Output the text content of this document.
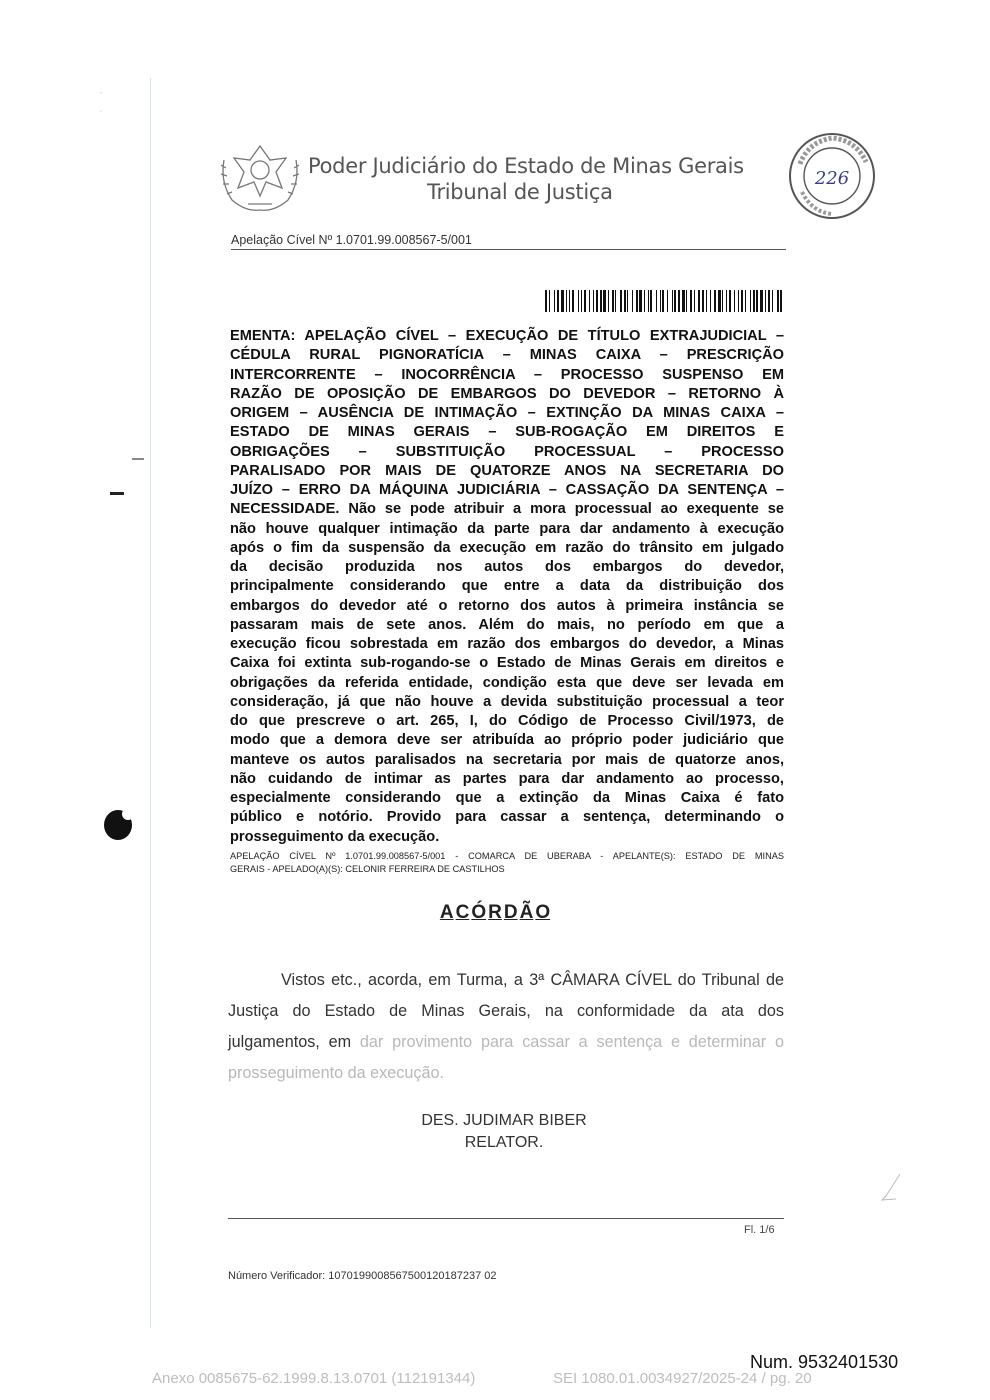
-
´
Poder Judiciário do Estado de Minas Gerais
Tribunal de Justiça
226
Apelação Cível Nº 1.0701.99.008567-5/001
EMENTA: APELAÇÃO CÍVEL – EXECUÇÃO DE TÍTULO EXTRAJUDICIAL –
CÉDULA RURAL PIGNORATÍCIA – MINAS CAIXA – PRESCRIÇÃO
INTERCORRENTE – INOCORRÊNCIA – PROCESSO SUSPENSO EM
RAZÃO DE OPOSIÇÃO DE EMBARGOS DO DEVEDOR – RETORNO À
ORIGEM – AUSÊNCIA DE INTIMAÇÃO – EXTINÇÃO DA MINAS CAIXA –
ESTADO DE MINAS GERAIS – SUB-ROGAÇÃO EM DIREITOS E
OBRIGAÇÕES – SUBSTITUIÇÃO PROCESSUAL – PROCESSO
PARALISADO POR MAIS DE QUATORZE ANOS NA SECRETARIA DO
JUÍZO – ERRO DA MÁQUINA JUDICIÁRIA – CASSAÇÃO DA SENTENÇA –
NECESSIDADE. Não se pode atribuir a mora processual ao exequente se
não houve qualquer intimação da parte para dar andamento à execução
após o fim da suspensão da execução em razão do trânsito em julgado
da decisão produzida nos autos dos embargos do devedor,
principalmente considerando que entre a data da distribuição dos
embargos do devedor até o retorno dos autos à primeira instância se
passaram mais de sete anos. Além do mais, no período em que a
execução ficou sobrestada em razão dos embargos do devedor, a Minas
Caixa foi extinta sub-rogando-se o Estado de Minas Gerais em direitos e
obrigações da referida entidade, condição esta que deve ser levada em
consideração, já que não houve a devida substituição processual a teor
do que prescreve o art. 265, I, do Código de Processo Civil/1973, de
modo que a demora deve ser atribuída ao próprio poder judiciário que
manteve os autos paralisados na secretaria por mais de quatorze anos,
não cuidando de intimar as partes para dar andamento ao processo,
especialmente considerando que a extinção da Minas Caixa é fato
público e notório. Provido para cassar a sentença, determinando o
prosseguimento da execução.
APELAÇÃO CÍVEL Nº 1.0701.99.008567-5/001 - COMARCA DE UBERABA - APELANTE(S): ESTADO DE MINAS
GERAIS - APELADO(A)(S): CELONIR FERREIRA DE CASTILHOS
A C Ó R D Ã O
Vistos etc., acorda, em Turma, a 3ª CÂMARA CÍVEL do Tribunal de Justiça do Estado de Minas Gerais, na conformidade da ata dos julgamentos, em dar provimento para cassar a sentença e determinar o prosseguimento da execução.
DES. JUDIMAR BIBER
RELATOR.
Fl. 1/6
Número Verificador: 1070199008567500120187237 02
Num. 9532401530
Anexo 0085675-62.1999.8.13.0701 (112191344)	SEI 1080.01.0034927/2025-24 / pg. 20
